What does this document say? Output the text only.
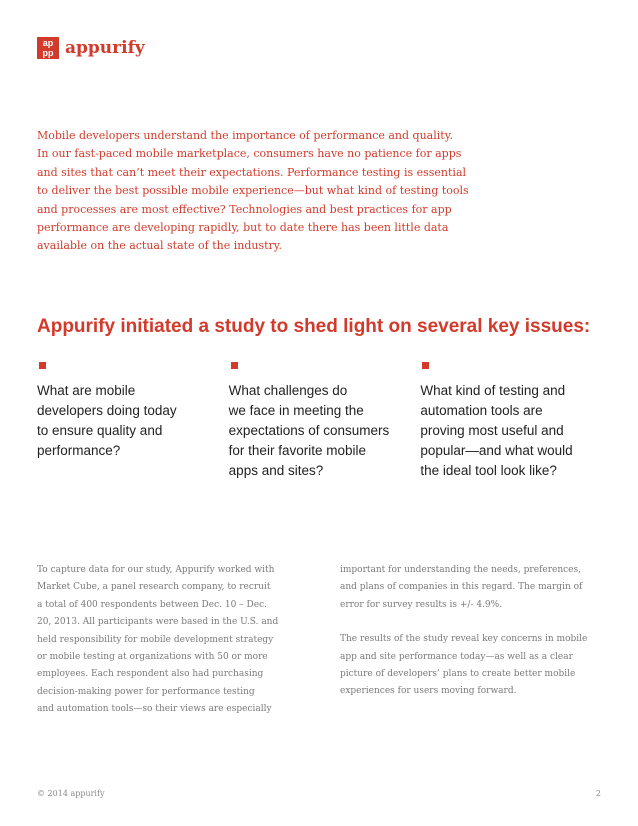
ap
pp appurify

Mobile developers understand the importance of performance and quality.
In our fast-paced mobile marketplace, consumers have no patience for apps
and sites that can’t meet their expectations. Performance testing is essential
to deliver the best possible mobile experience—but what kind of testing tools
and processes are most effective? Technologies and best practices for app
performance are developing rapidly, but to date there has been little data
available on the actual state of the industry.

Appurify initiated a study to shed light on several key issues:

What are mobile
developers doing today
to ensure quality and
performance?

What challenges do
we face in meeting the
expectations of consumers
for their favorite mobile
apps and sites?

What kind of testing and
automation tools are
proving most useful and
popular—and what would
the ideal tool look like?

To capture data for our study, Appurify worked with
Market Cube, a panel research company, to recruit
a total of 400 respondents between Dec. 10 – Dec.
20, 2013. All participants were based in the U.S. and
held responsibility for mobile development strategy
or mobile testing at organizations with 50 or more
employees. Each respondent also had purchasing
decision-making power for performance testing
and automation tools—so their views are especially

important for understanding the needs, preferences,
and plans of companies in this regard. The margin of
error for survey results is +/- 4.9%.

The results of the study reveal key concerns in mobile
app and site performance today—as well as a clear
picture of developers’ plans to create better mobile
experiences for users moving forward.

© 2014 appurify	2
